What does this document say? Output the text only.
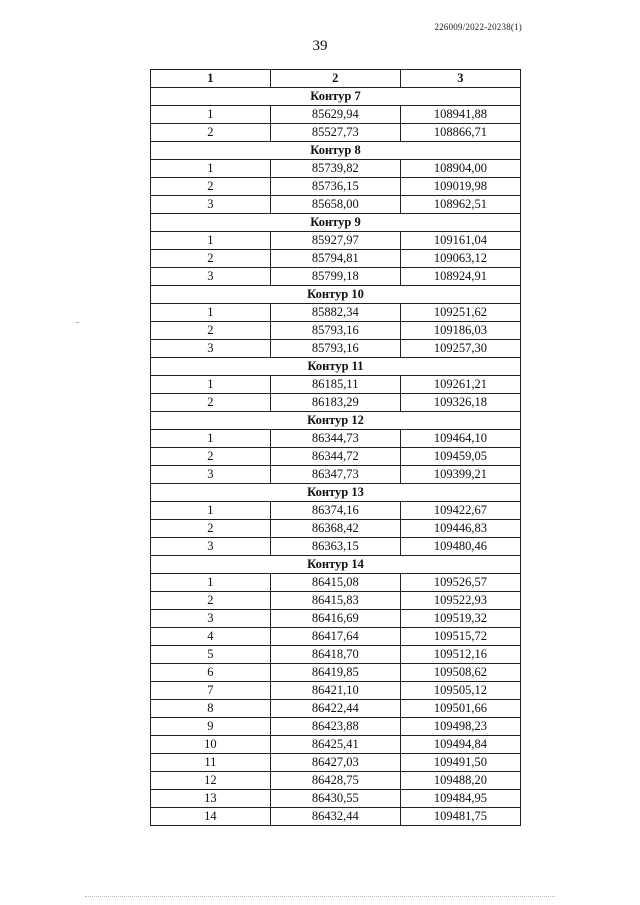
226009/2022-20238(1)
39
1	2	3
Контур 7		
1	85629,94	108941,88
2	85527,73	108866,71
Контур 8		
1	85739,82	108904,00
2	85736,15	109019,98
3	85658,00	108962,51
Контур 9		
1	85927,97	109161,04
2	85794,81	109063,12
3	85799,18	108924,91
Контур 10		
1	85882,34	109251,62
2	85793,16	109186,03
3	85793,16	109257,30
Контур 11		
1	86185,11	109261,21
2	86183,29	109326,18
Контур 12		
1	86344,73	109464,10
2	86344,72	109459,05
3	86347,73	109399,21
Контур 13		
1	86374,16	109422,67
2	86368,42	109446,83
3	86363,15	109480,46
Контур 14		
1	86415,08	109526,57
2	86415,83	109522,93
3	86416,69	109519,32
4	86417,64	109515,72
5	86418,70	109512,16
6	86419,85	109508,62
7	86421,10	109505,12
8	86422,44	109501,66
9	86423,88	109498,23
10	86425,41	109494,84
11	86427,03	109491,50
12	86428,75	109488,20
13	86430,55	109484,95
14	86432,44	109481,75
